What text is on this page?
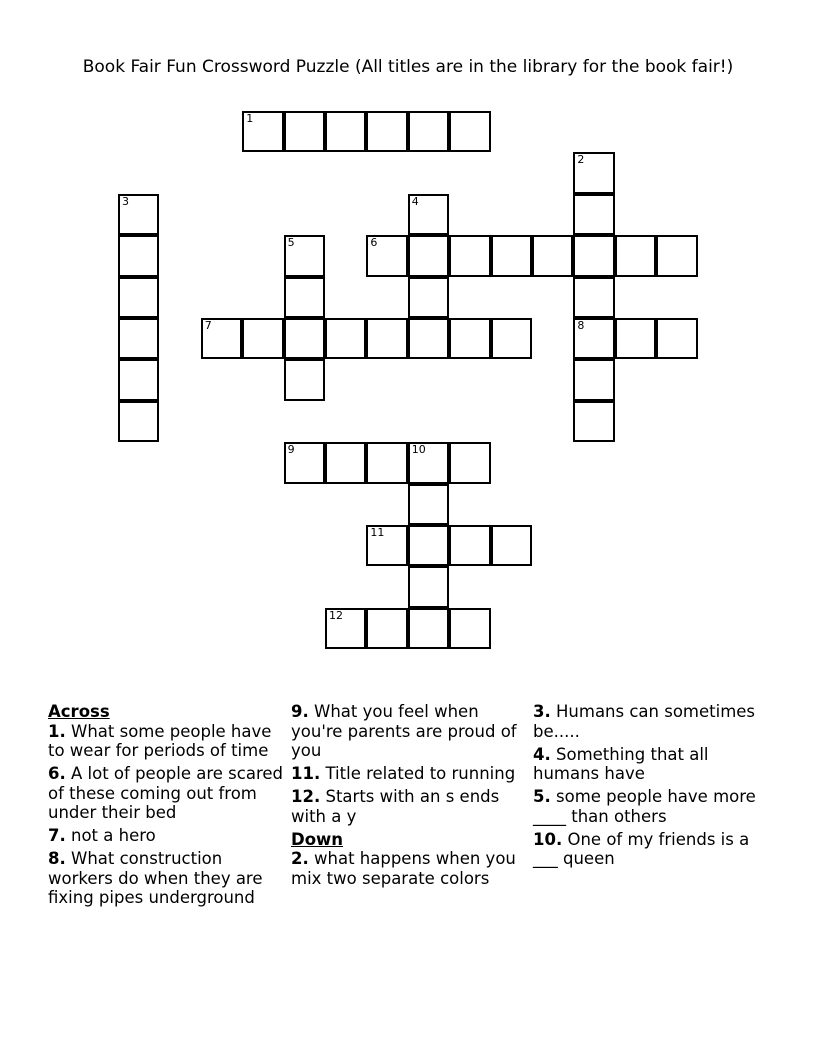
Book Fair Fun Crossword Puzzle (All titles are in the library for the book fair!)
1
2
8
3	4
5	6
7
9	10
11
12
Across
1. What some people have to wear for periods of time
6. A lot of people are scared of these coming out from under their bed
7. not a hero
8. What construction workers do when they are fixing pipes underground
9. What you feel when you're parents are proud of you
11. Title related to running
12. Starts with an s ends with a y
Down
2. what happens when you mix two separate colors
3. Humans can sometimes be.....
4. Something that all humans have
5. some people have more ____ than others
10. One of my friends is a ___ queen
